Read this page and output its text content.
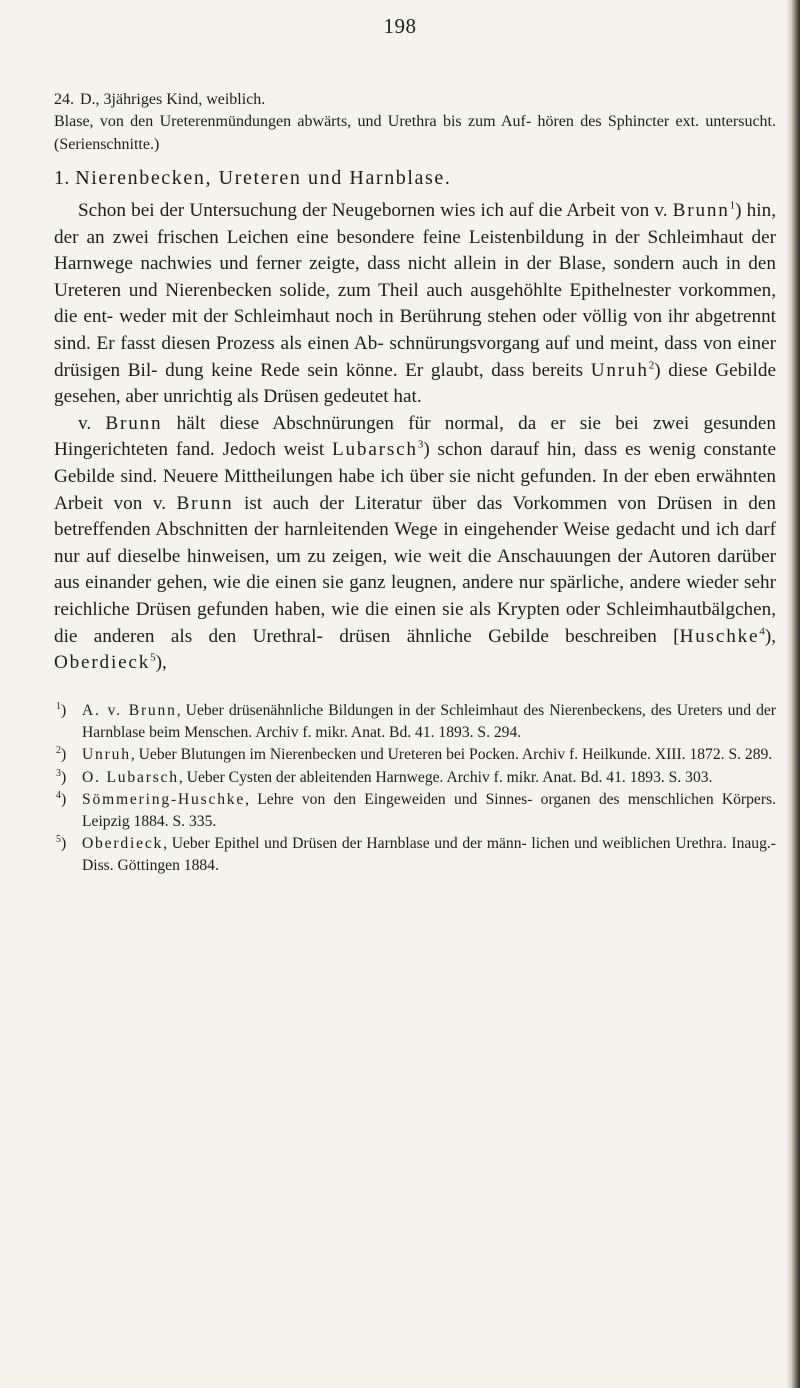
198
24. D., 3jähriges Kind, weiblich.
Blase, von den Ureterenmündungen abwärts, und Urethra bis zum Auf- hören des Sphincter ext. untersucht. (Serienschnitte.)
1. Nierenbecken, Ureteren und Harnblase.

Schon bei der Untersuchung der Neugebornen wies ich auf die Arbeit von v. Brunn$^1$) hin, der an zwei frischen Leichen eine besondere feine Leistenbildung in der Schleimhaut der Harnwege nachwies und ferner zeigte, dass nicht allein in der Blase, sondern auch in den Ureteren und Nierenbecken solide, zum Theil auch ausgehöhlte Epithelnester vorkommen, die ent- weder mit der Schleimhaut noch in Berührung stehen oder völlig von ihr abgetrennt sind. Er fasst diesen Prozess als einen Ab- schnürungsvorgang auf und meint, dass von einer drüsigen Bil- dung keine Rede sein könne. Er glaubt, dass bereits Unruh$^2$) diese Gebilde gesehen, aber unrichtig als Drüsen gedeutet hat.

v. Brunn hält diese Abschnürungen für normal, da er sie bei zwei gesunden Hingerichteten fand. Jedoch weist Lubarsch$^3$) schon darauf hin, dass es wenig constante Gebilde sind. Neuere Mittheilungen habe ich über sie nicht gefunden. In der eben erwähnten Arbeit von v. Brunn ist auch der Literatur über das Vorkommen von Drüsen in den betreffenden Abschnitten der harnleitenden Wege in eingehender Weise gedacht und ich darf nur auf dieselbe hinweisen, um zu zeigen, wie weit die Anschauungen der Autoren darüber aus einander gehen, wie die einen sie ganz leugnen, andere nur spärliche, andere wieder sehr reichliche Drüsen gefunden haben, wie die einen sie als Krypten oder Schleimhautbälgchen, die anderen als den Urethral- drüsen ähnliche Gebilde beschreiben [Huschke$^4$), Oberdieck$^5$),

$^1$) A. v. Brunn, Ueber drüsenähnliche Bildungen in der Schleimhaut des Nierenbeckens, des Ureters und der Harnblase beim Menschen. Archiv f. mikr. Anat. Bd. 41. 1893. S. 294.

$^2$) Unruh, Ueber Blutungen im Nierenbecken und Ureteren bei Pocken. Archiv f. Heilkunde. XIII. 1872. S. 289.

$^3$) O. Lubarsch, Ueber Cysten der ableitenden Harnwege. Archiv f. mikr. Anat. Bd. 41. 1893. S. 303.

$^4$) Sömmering-Huschke, Lehre von den Eingeweiden und Sinnes- organen des menschlichen Körpers. Leipzig 1884. S. 335.

$^5$) Oberdieck, Ueber Epithel und Drüsen der Harnblase und der männ- lichen und weiblichen Urethra. Inaug.-Diss. Göttingen 1884.
